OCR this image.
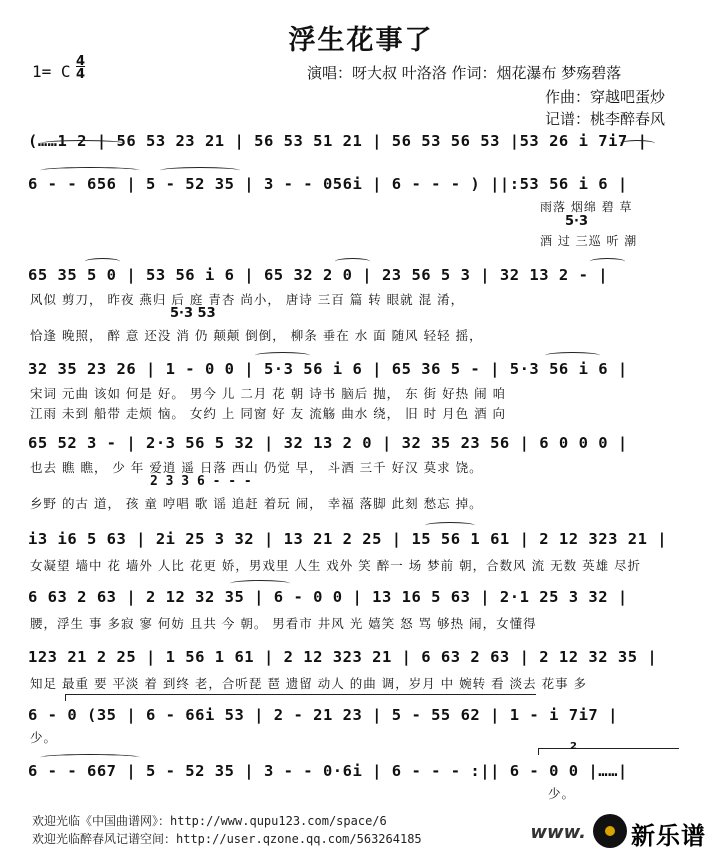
浮生花事了
1= C
4
4	演唱：呀大叔 叶洛洛 作词：烟花瀑布 梦殇碧落
作曲：穿越吧蛋炒
记谱：桃李醉春风
(……1 2 | 56 53 23 21 | 56 53 51 21 | 56 53 56 53 |53 26 i 7i7 |
6 - - 656 | 5 - 52 35 | 3 - - 056i | 6 - - - ) ||:53 56 i 6 |
雨落 烟绵 碧 草
5·3
酒 过 三巡 听 潮
65 35 5 0 | 53 56 i 6 | 65 32 2 0 | 23 56 5 3 | 32 13 2 - |
风似 剪刀， 昨夜 燕归 后 庭 青杏 尚小， 唐诗 三百 篇 转 眼就 混 淆，
5·3 53
恰逢 晚照， 醉 意 还没 消 仍 颠颠 倒倒， 柳条 垂在 水 面 随风 轻轻 摇，
32 35 23 26 | 1 - 0 0 | 5·3 56 i 6 | 65 36 5 - | 5·3 56 i 6 |
宋词 元曲 该如 何是 好。 男今 儿 二月 花 朝 诗书 脑后 抛， 东 街 好热 闹 咱
江雨 未到 船带 走烦 恼。 女约 上 同窗 好 友 流觞 曲水 绕， 旧 时 月色 酒 向
65 52 3 - | 2·3 56 5 32 | 32 13 2 0 | 32 35 23 56 | 6 0 0 0 |
也去 瞧 瞧， 少 年 爱逍 遥 日落 西山 仍觉 早， 斗酒 三千 好汉 莫求 饶。
2 3 3 6 - - -
乡野 的古 道， 孩 童 哼唱 歌 谣 追赶 着玩 闹， 幸福 落脚 此刻 愁忘 掉。
i3 i6 5 63 | 2i 25 3 32 | 13 21 2 25 | 15 56 1 61 | 2 12 323 21 |
女凝望 墙中 花 墙外 人比 花更 娇，男戏里 人生 戏外 笑 醉一 场 梦前 朝，合数风 流 无数 英雄 尽折
6 63 2 63 | 2 12 32 35 | 6 - 0 0 | 13 16 5 63 | 2·1 25 3 32 |
腰，浮生 事 多寂 寥 何妨 且共 今 朝。 男看市 井风 光 嬉笑 怒 骂 够热 闹，女懂得
123 21 2 25 | 1 56 1 61 | 2 12 323 21 | 6 63 2 63 | 2 12 32 35 |
知足 最重 要 平淡 着 到终 老，合听琵 琶 遗留 动人 的曲 调，岁月 中 婉转 看 淡去 花事 多
6 - 0 (35 | 6 - 66i 53 | 2 - 21 23 | 5 - 55 62 | 1 - i 7i7 |
少。
6 - - 667 | 5 - 52 35 | 3 - - 0·6i | 6 - - - :|| 6 - 0 0 |……|
2
少。
欢迎光临《中国曲谱网》：http://www.qupu123.com/space/6
欢迎光临醉春风记谱空间：http://user.qzone.qq.com/563264185	www. 新乐谱
